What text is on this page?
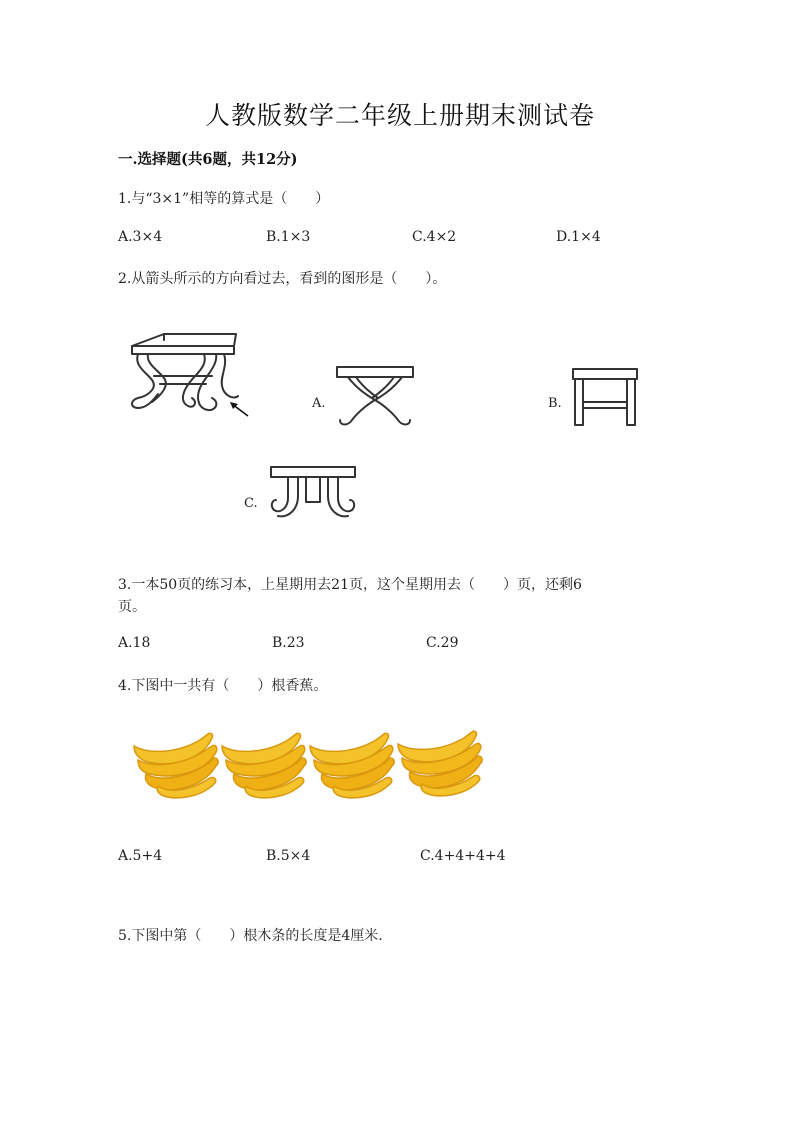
人教版数学二年级上册期末测试卷
一.选择题(共6题，共12分)
1.与“3×1”相等的算式是（　　）
A.3×4	B.1×3	C.4×2	D.1×4
2.从箭头所示的方向看过去，看到的图形是（　　）。
A.	B.
C.
3.一本50页的练习本，上星期用去21页，这个星期用去（　　）页，还剩6
页。
A.18	B.23	C.29
4.下图中一共有（　　）根香蕉。
A.5+4	B.5×4	C.4+4+4+4
5.下图中第（　　）根木条的长度是4厘米.
